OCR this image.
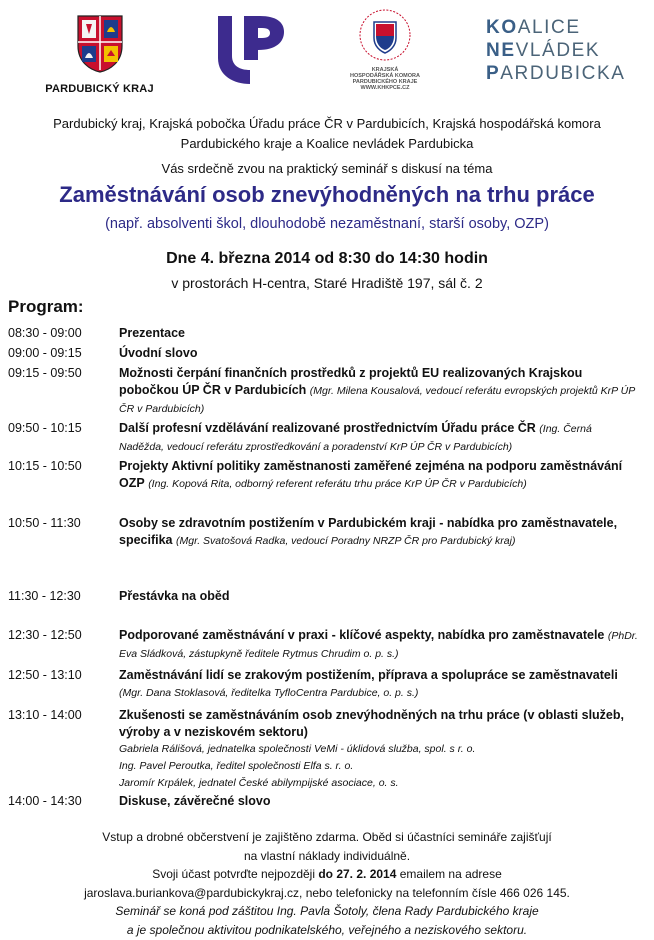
PARDUBICKÝ KRAJ
KRAJSKÁ
HOSPODÁŘSKÁ KOMORA
PARDUBICKÉHO KRAJE
WWW.KHKPCE.CZ
KOALICE
NEVLÁDEK
PARDUBICKA
Pardubický kraj, Krajská pobočka Úřadu práce ČR v Pardubicích, Krajská hospodářská komora
Pardubického kraje a Koalice nevládek Pardubicka
Vás srdečně zvou na praktický seminář s diskusí na téma
Zaměstnávání osob znevýhodněných na trhu práce
(např. absolventi škol, dlouhodobě nezaměstnaní, starší osoby, OZP)
Dne 4. března 2014 od 8:30 do 14:30 hodin
v prostorách H-centra, Staré Hradiště 197, sál č. 2
Program:
08:30 - 09:00	Prezentace
09:00 - 09:15	Úvodní slovo
09:15 - 09:50	Možnosti čerpání finančních prostředků z projektů EU realizovaných Krajskou pobočkou ÚP ČR v Pardubicích (Mgr. Milena Kousalová, vedoucí referátu evropských projektů KrP ÚP ČR v Pardubicích)
09:50 - 10:15	Další profesní vzdělávání realizované prostřednictvím Úřadu práce ČR (Ing. Černá Naděžda, vedoucí referátu zprostředkování a poradenství KrP ÚP ČR v Pardubicích)
10:15 - 10:50	Projekty Aktivní politiky zaměstnanosti zaměřené zejména na podporu zaměstnávání OZP (Ing. Kopová Rita, odborný referent referátu trhu práce KrP ÚP ČR v Pardubicích)
10:50 - 11:30	Osoby se zdravotním postižením v Pardubickém kraji - nabídka pro zaměstnavatele, specifika (Mgr. Svatošová Radka, vedoucí Poradny NRZP ČR pro Pardubický kraj)
11:30 - 12:30	Přestávka na oběd
12:30 - 12:50	Podporované zaměstnávání v praxi - klíčové aspekty, nabídka pro zaměstnavatele (PhDr. Eva Sládková, zástupkyně ředitele Rytmus Chrudim o. p. s.)
12:50 - 13:10	Zaměstnávání lidí se zrakovým postižením, příprava a spolupráce se zaměstnavateli (Mgr. Dana Stoklasová, ředitelka TyfloCentra Pardubice, o. p. s.)
13:10 - 14:00	Zkušenosti se zaměstnáváním osob znevýhodněných na trhu práce (v oblasti služeb, výroby a v neziskovém sektoru)
Gabriela Rálišová, jednatelka společnosti VeMi - úklidová služba, spol. s r. o.
Ing. Pavel Peroutka, ředitel společnosti Elfa s. r. o.
Jaromír Krpálek, jednatel České abilympijské asociace, o. s.
14:00 - 14:30	Diskuse, závěrečné slovo
Vstup a drobné občerstvení je zajištěno zdarma. Oběd si účastníci semináře zajišťují
na vlastní náklady individuálně.
Svoji účast potvrďte nejpozději do 27. 2. 2014 emailem na adrese
jaroslava.buriankova@pardubickykraj.cz, nebo telefonicky na telefonním čísle 466 026 145.
Seminář se koná pod záštitou Ing. Pavla Šotoly, člena Rady Pardubického kraje
a je společnou aktivitou podnikatelského, veřejného a neziskového sektoru.
